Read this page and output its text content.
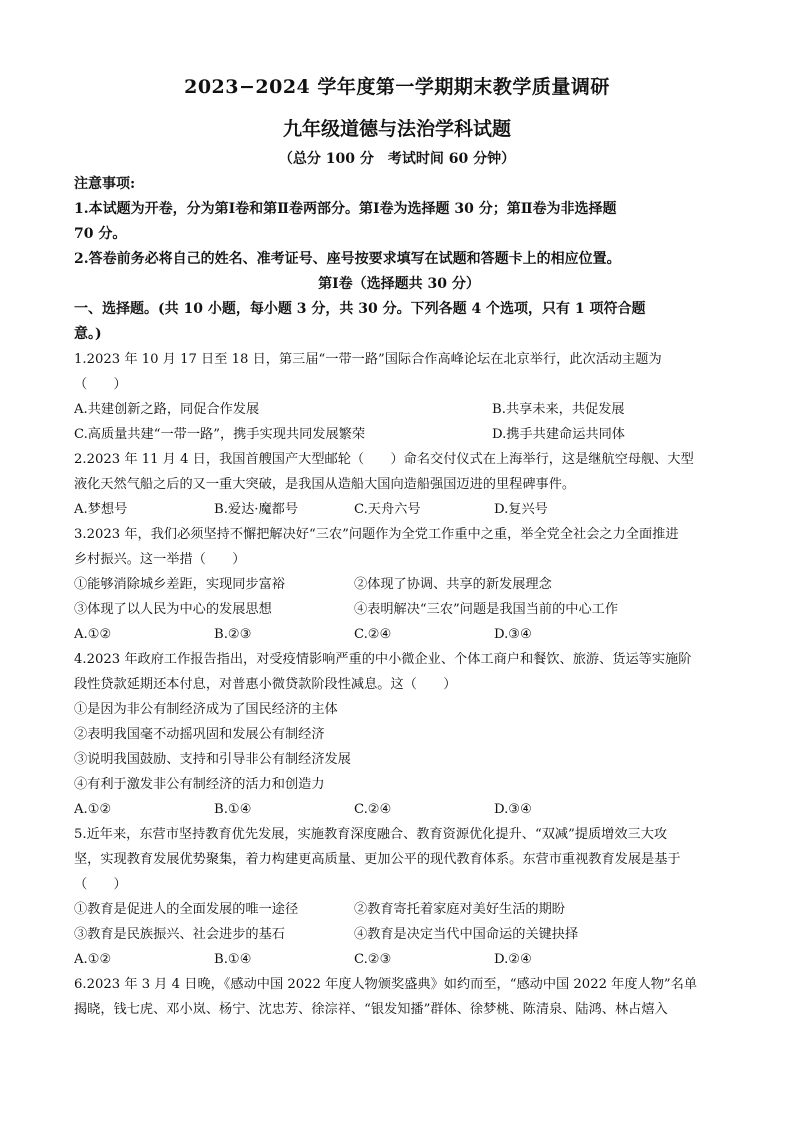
2023−2024 学年度第一学期期末教学质量调研
九年级道德与法治学科试题
（总分 100 分　考试时间 60 分钟）
注意事项:
1.本试题为开卷，分为第Ⅰ卷和第Ⅱ卷两部分。第Ⅰ卷为选择题 30 分；第Ⅱ卷为非选择题
70 分。
2.答卷前务必将自己的姓名、准考证号、座号按要求填写在试题和答题卡上的相应位置。
第Ⅰ卷（选择题共 30 分）
一、选择题。(共 10 小题，每小题 3 分，共 30 分。下列各题 4 个选项，只有 1 项符合题
意。)
1.2023 年 10 月 17 日至 18 日，第三届“一带一路”国际合作高峰论坛在北京举行，此次活动主题为
（　　）
A.共建创新之路，同促合作发展	B.共享未来，共促发展
C.高质量共建“一带一路”，携手实现共同发展繁荣	D.携手共建命运共同体
2.2023 年 11 月 4 日，我国首艘国产大型邮轮（　　）命名交付仪式在上海举行，这是继航空母舰、大型
液化天然气船之后的又一重大突破，是我国从造船大国向造船强国迈进的里程碑事件。
A.梦想号	B.爱达·魔都号	C.天舟六号	D.复兴号
3.2023 年，我们必须坚持不懈把解决好“三农”问题作为全党工作重中之重，举全党全社会之力全面推进
乡村振兴。这一举措（　　）
①能够消除城乡差距，实现同步富裕	②体现了协调、共享的新发展理念
③体现了以人民为中心的发展思想	④表明解决“三农”问题是我国当前的中心工作
A.①②	B.②③	C.②④	D.③④
4.2023 年政府工作报告指出，对受疫情影响严重的中小微企业、个体工商户和餐饮、旅游、货运等实施阶
段性贷款延期还本付息，对普惠小微贷款阶段性减息。这（　　）
①是因为非公有制经济成为了国民经济的主体
②表明我国毫不动摇巩固和发展公有制经济
③说明我国鼓励、支持和引导非公有制经济发展
④有利于激发非公有制经济的活力和创造力
A.①②	B.①④	C.②④	D.③④
5.近年来，东营市坚持教育优先发展，实施教育深度融合、教育资源优化提升、“双减”提质增效三大攻
坚，实现教育发展优势聚集，着力构建更高质量、更加公平的现代教育体系。东营市重视教育发展是基于
（　　）
①教育是促进人的全面发展的唯一途径	②教育寄托着家庭对美好生活的期盼
③教育是民族振兴、社会进步的基石	④教育是决定当代中国命运的关键抉择
A.①②	B.①④	C.②③	D.②④
6.2023 年 3 月 4 日晚，《感动中国 2022 年度人物颁奖盛典》如约而至，“感动中国 2022 年度人物”名单
揭晓，钱七虎、邓小岚、杨宁、沈忠芳、徐淙祥、“银发知播”群体、徐梦桃、陈清泉、陆鸿、林占熺入
